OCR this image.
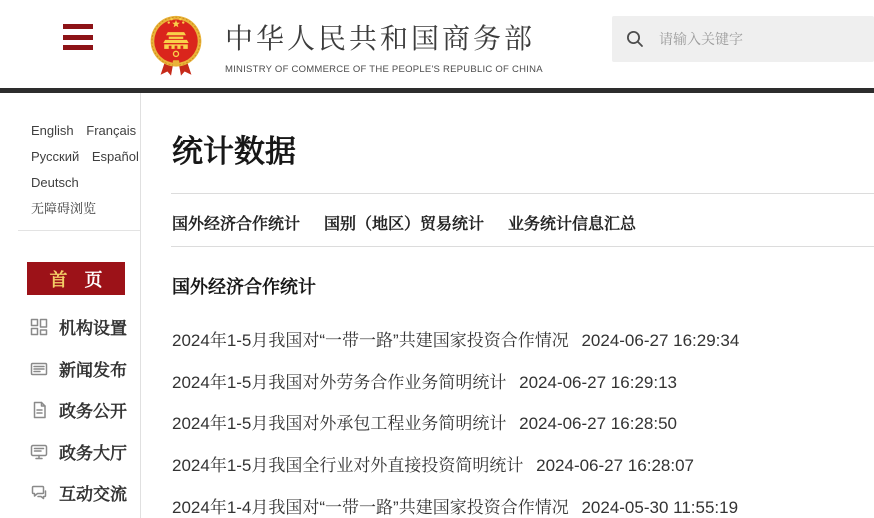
中华人民共和国商务部
MINISTRY OF COMMERCE OF THE PEOPLE'S REPUBLIC OF CHINA
请输入关键字
English Français
Русский Español
Deutsch
无障碍浏览
首 页
机构设置
新闻发布
政务公开
政务大厅
互动交流
统计数据
国外经济合作统计 国别（地区）贸易统计 业务统计信息汇总
国外经济合作统计
2024年1-5月我国对“一带一路”共建国家投资合作情况 2024-06-27 16:29:34
2024年1-5月我国对外劳务合作业务简明统计 2024-06-27 16:29:13
2024年1-5月我国对外承包工程业务简明统计 2024-06-27 16:28:50
2024年1-5月我国全行业对外直接投资简明统计 2024-06-27 16:28:07
2024年1-4月我国对“一带一路”共建国家投资合作情况 2024-05-30 11:55:19
